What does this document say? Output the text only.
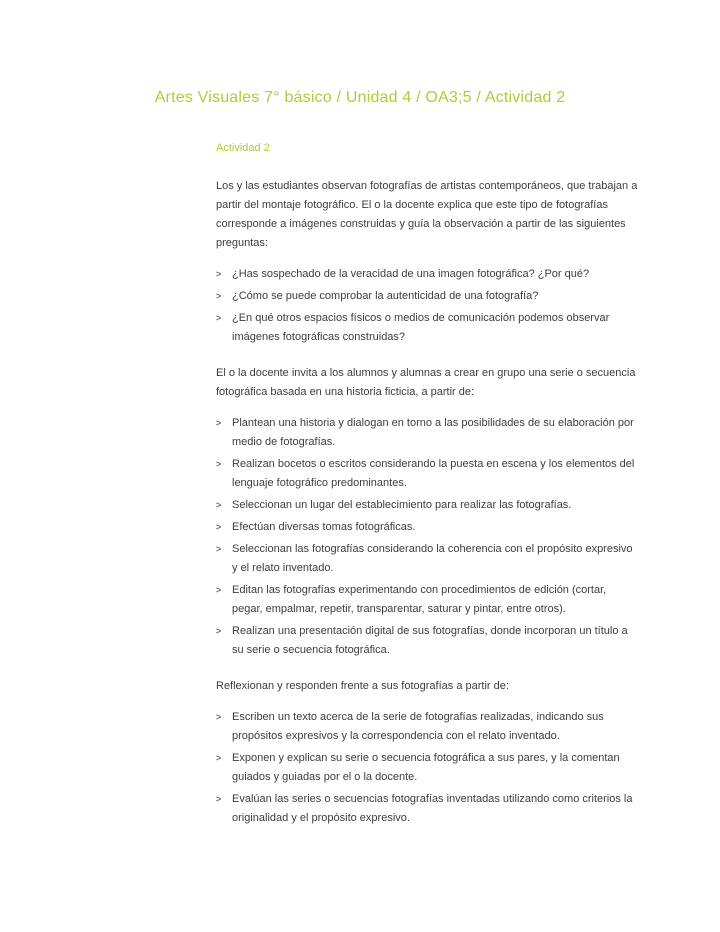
Artes Visuales 7° básico / Unidad 4 / OA3;5 / Actividad 2
Actividad 2

Los y las estudiantes observan fotografías de artistas contemporáneos, que trabajan a partir del montaje fotográfico. El o la docente explica que este tipo de fotografías corresponde a imágenes construidas y guía la observación a partir de las siguientes preguntas:

> ¿Has sospechado de la veracidad de una imagen fotográfica? ¿Por qué?
> ¿Cómo se puede comprobar la autenticidad de una fotografía?
> ¿En qué otros espacios físicos o medios de comunicación podemos observar imágenes fotográficas construidas?

El o la docente invita a los alumnos y alumnas a crear en grupo una serie o secuencia fotográfica basada en una historia ficticia, a partir de:

> Plantean una historia y dialogan en torno a las posibilidades de su elaboración por medio de fotografías.
> Realizan bocetos o escritos considerando la puesta en escena y los elementos del lenguaje fotográfico predominantes.
> Seleccionan un lugar del establecimiento para realizar las fotografías.
> Efectúan diversas tomas fotográficas.
> Seleccionan las fotografías considerando la coherencia con el propósito expresivo y el relato inventado.
> Editan las fotografías experimentando con procedimientos de edición (cortar, pegar, empalmar, repetir, transparentar, saturar y pintar, entre otros).
> Realizan una presentación digital de sus fotografías, donde incorporan un título a su serie o secuencia fotográfica.

Reflexionan y responden frente a sus fotografías a partir de:

> Escriben un texto acerca de la serie de fotografías realizadas, indicando sus propósitos expresivos y la correspondencia con el relato inventado.
> Exponen y explican su serie o secuencia fotográfica a sus pares, y la comentan guiados y guiadas por el o la docente.
> Evalúan las series o secuencias fotografías inventadas utilizando como criterios la originalidad y el propósito expresivo.
